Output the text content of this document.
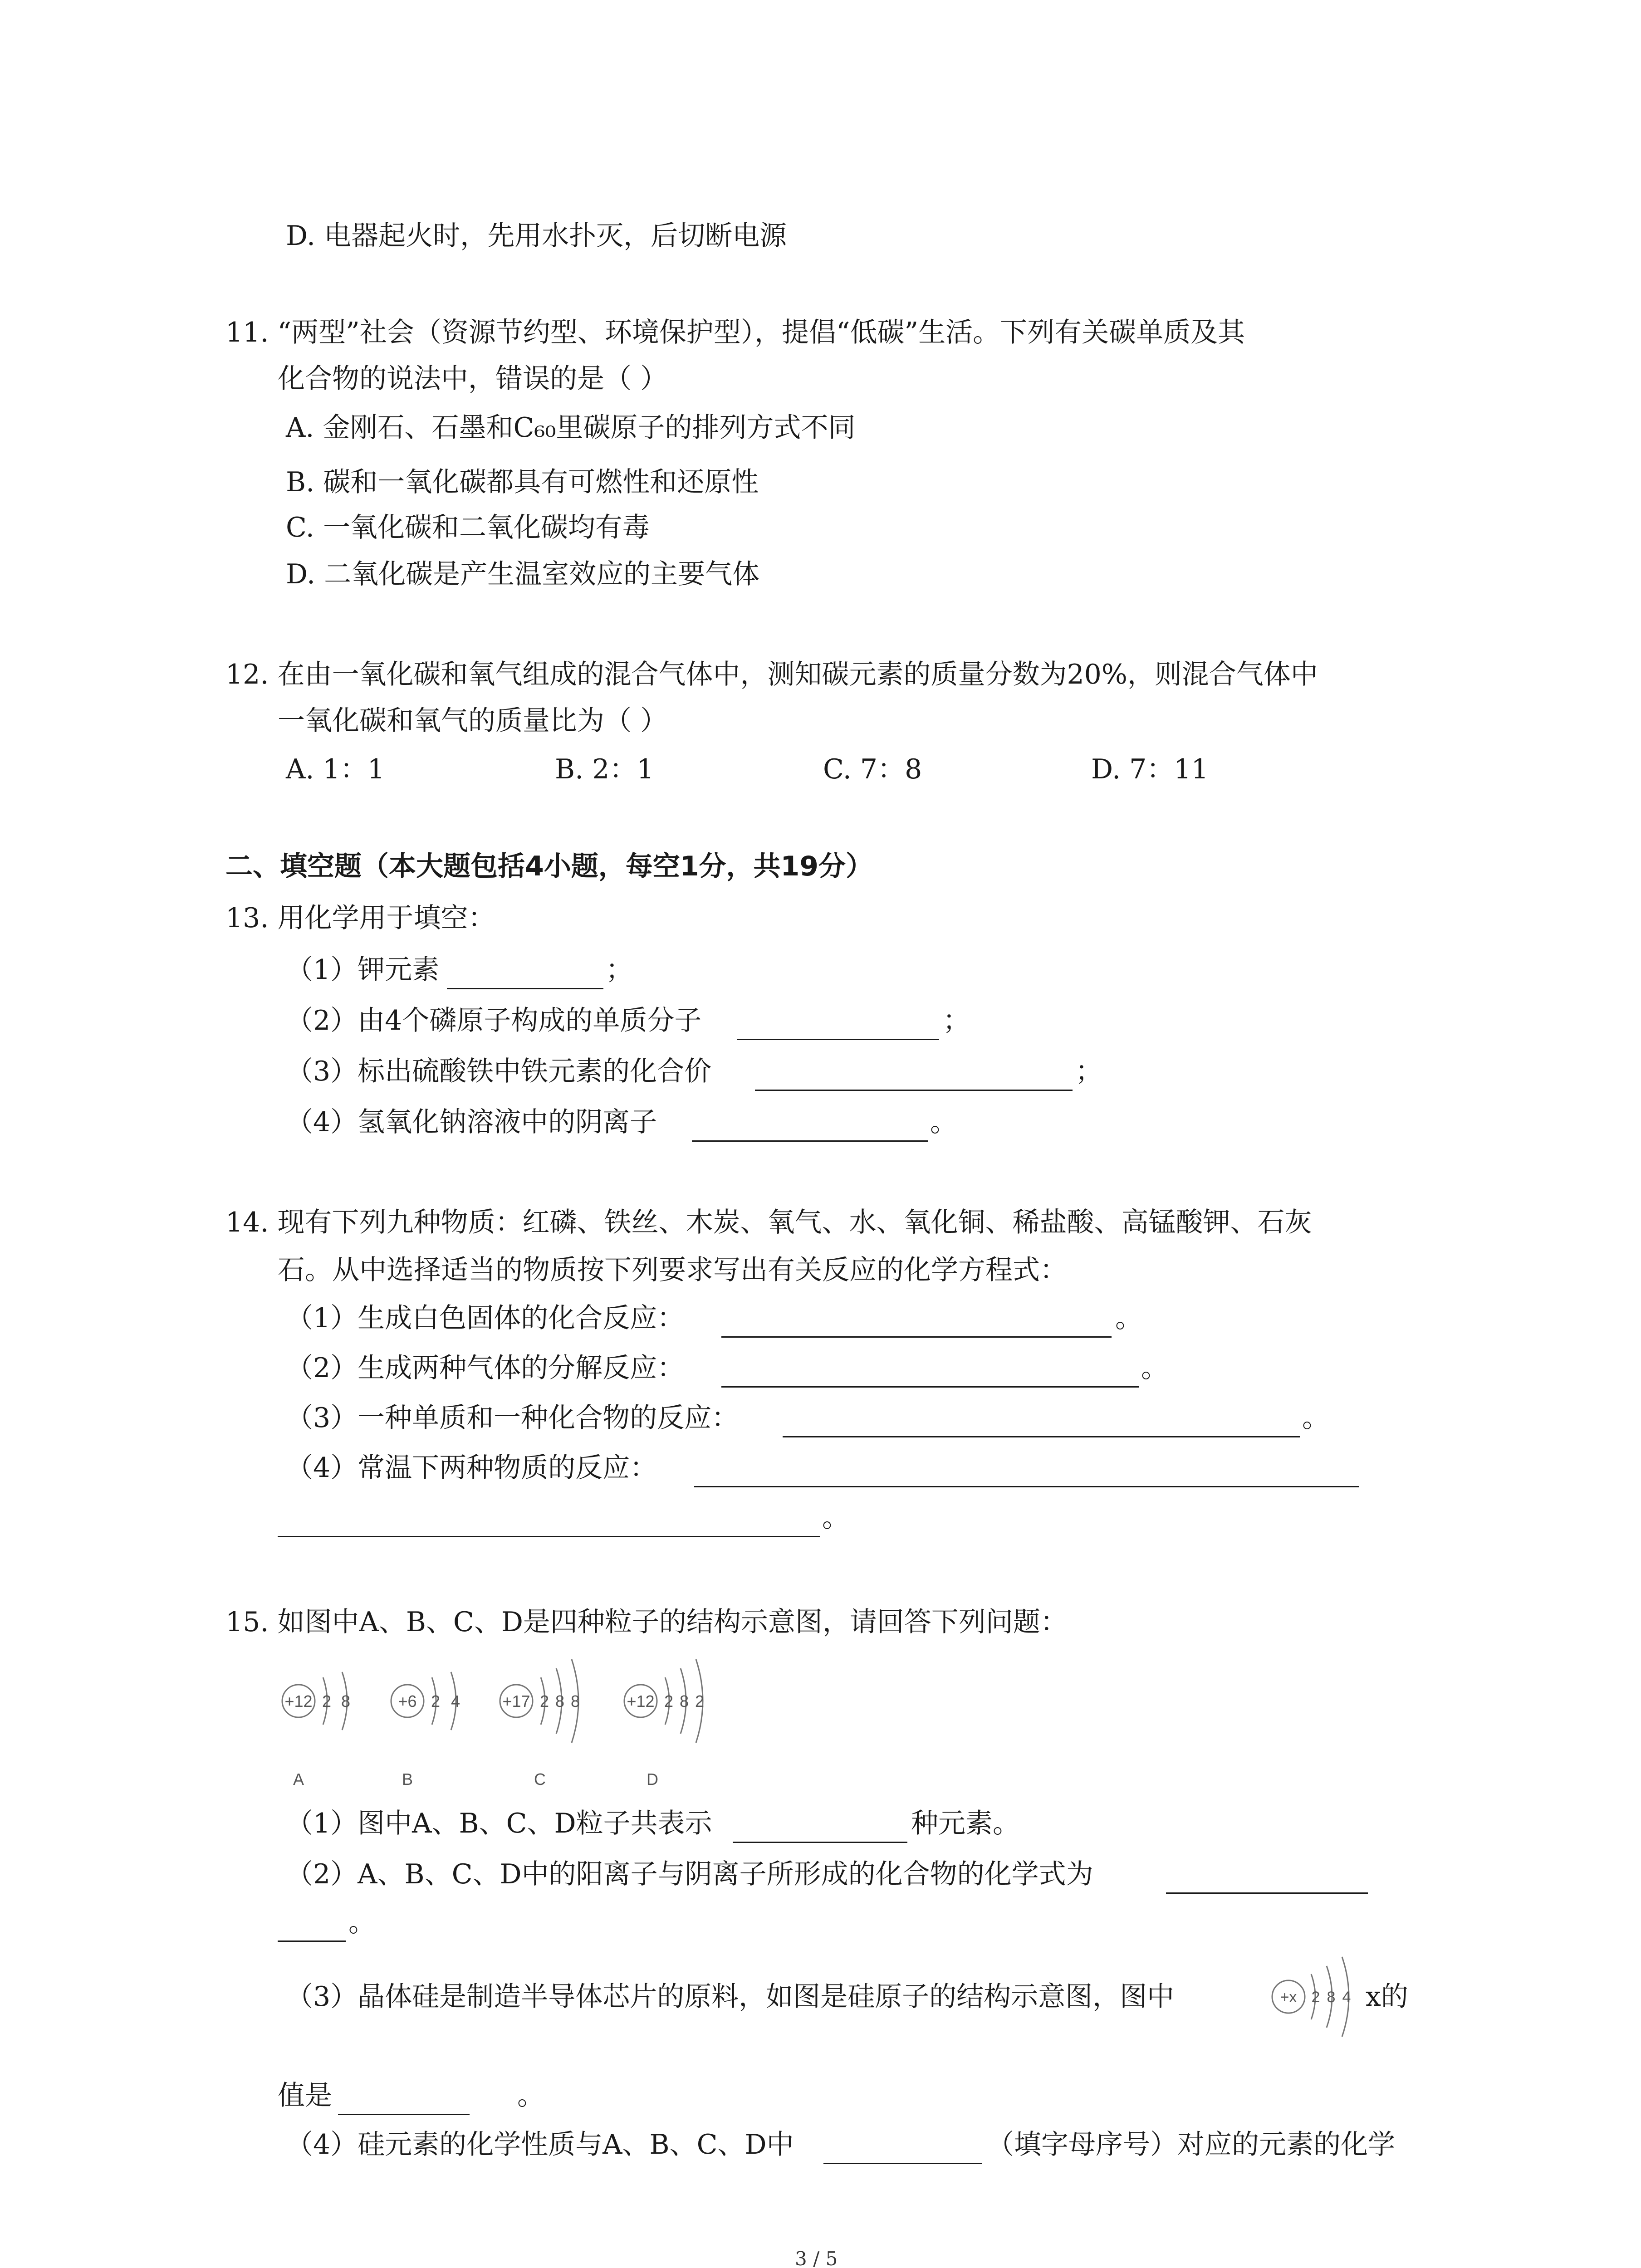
D. 电器起火时，先用水扑灭，后切断电源
11. “两型”社会（资源节约型、环境保护型），提倡“低碳”生活。下列有关碳单质及其
化合物的说法中，错误的是（ ）
A. 金刚石、石墨和C₆₀里碳原子的排列方式不同
B. 碳和一氧化碳都具有可燃性和还原性
C. 一氧化碳和二氧化碳均有毒
D. 二氧化碳是产生温室效应的主要气体
12. 在由一氧化碳和氧气组成的混合气体中，测知碳元素的质量分数为20%，则混合气体中
一氧化碳和氧气的质量比为（ ）
A. 1：1	B. 2：1	C. 7：8	D. 7：11
二、填空题（本大题包括4小题，每空1分，共19分）
13. 用化学用于填空：
（1）钾元素	；
（2）由4个磷原子构成的单质分子	；
（3）标出硫酸铁中铁元素的化合价	；
（4）氢氧化钠溶液中的阴离子	。
14. 现有下列九种物质：红磷、铁丝、木炭、氧气、水、氧化铜、稀盐酸、高锰酸钾、石灰
石。从中选择适当的物质按下列要求写出有关反应的化学方程式：
（1）生成白色固体的化合反应：	。
（2）生成两种气体的分解反应：	。
（3）一种单质和一种化合物的反应：	。
（4）常温下两种物质的反应：
。
15. 如图中A、B、C、D是四种粒子的结构示意图，请回答下列问题：
+12 2 8
A
+6 2 4
B
+17 2 8 8
C
+12 2 8 2
D
（1）图中A、B、C、D粒子共表示	种元素。
（2）A、B、C、D中的阳离子与阴离子所形成的化合物的化学式为
。
（3）晶体硅是制造半导体芯片的原料，如图是硅原子的结构示意图，图中	+x 2 8 4 x的
值是	。
（4）硅元素的化学性质与A、B、C、D中	（填字母序号）对应的元素的化学
3 / 5
